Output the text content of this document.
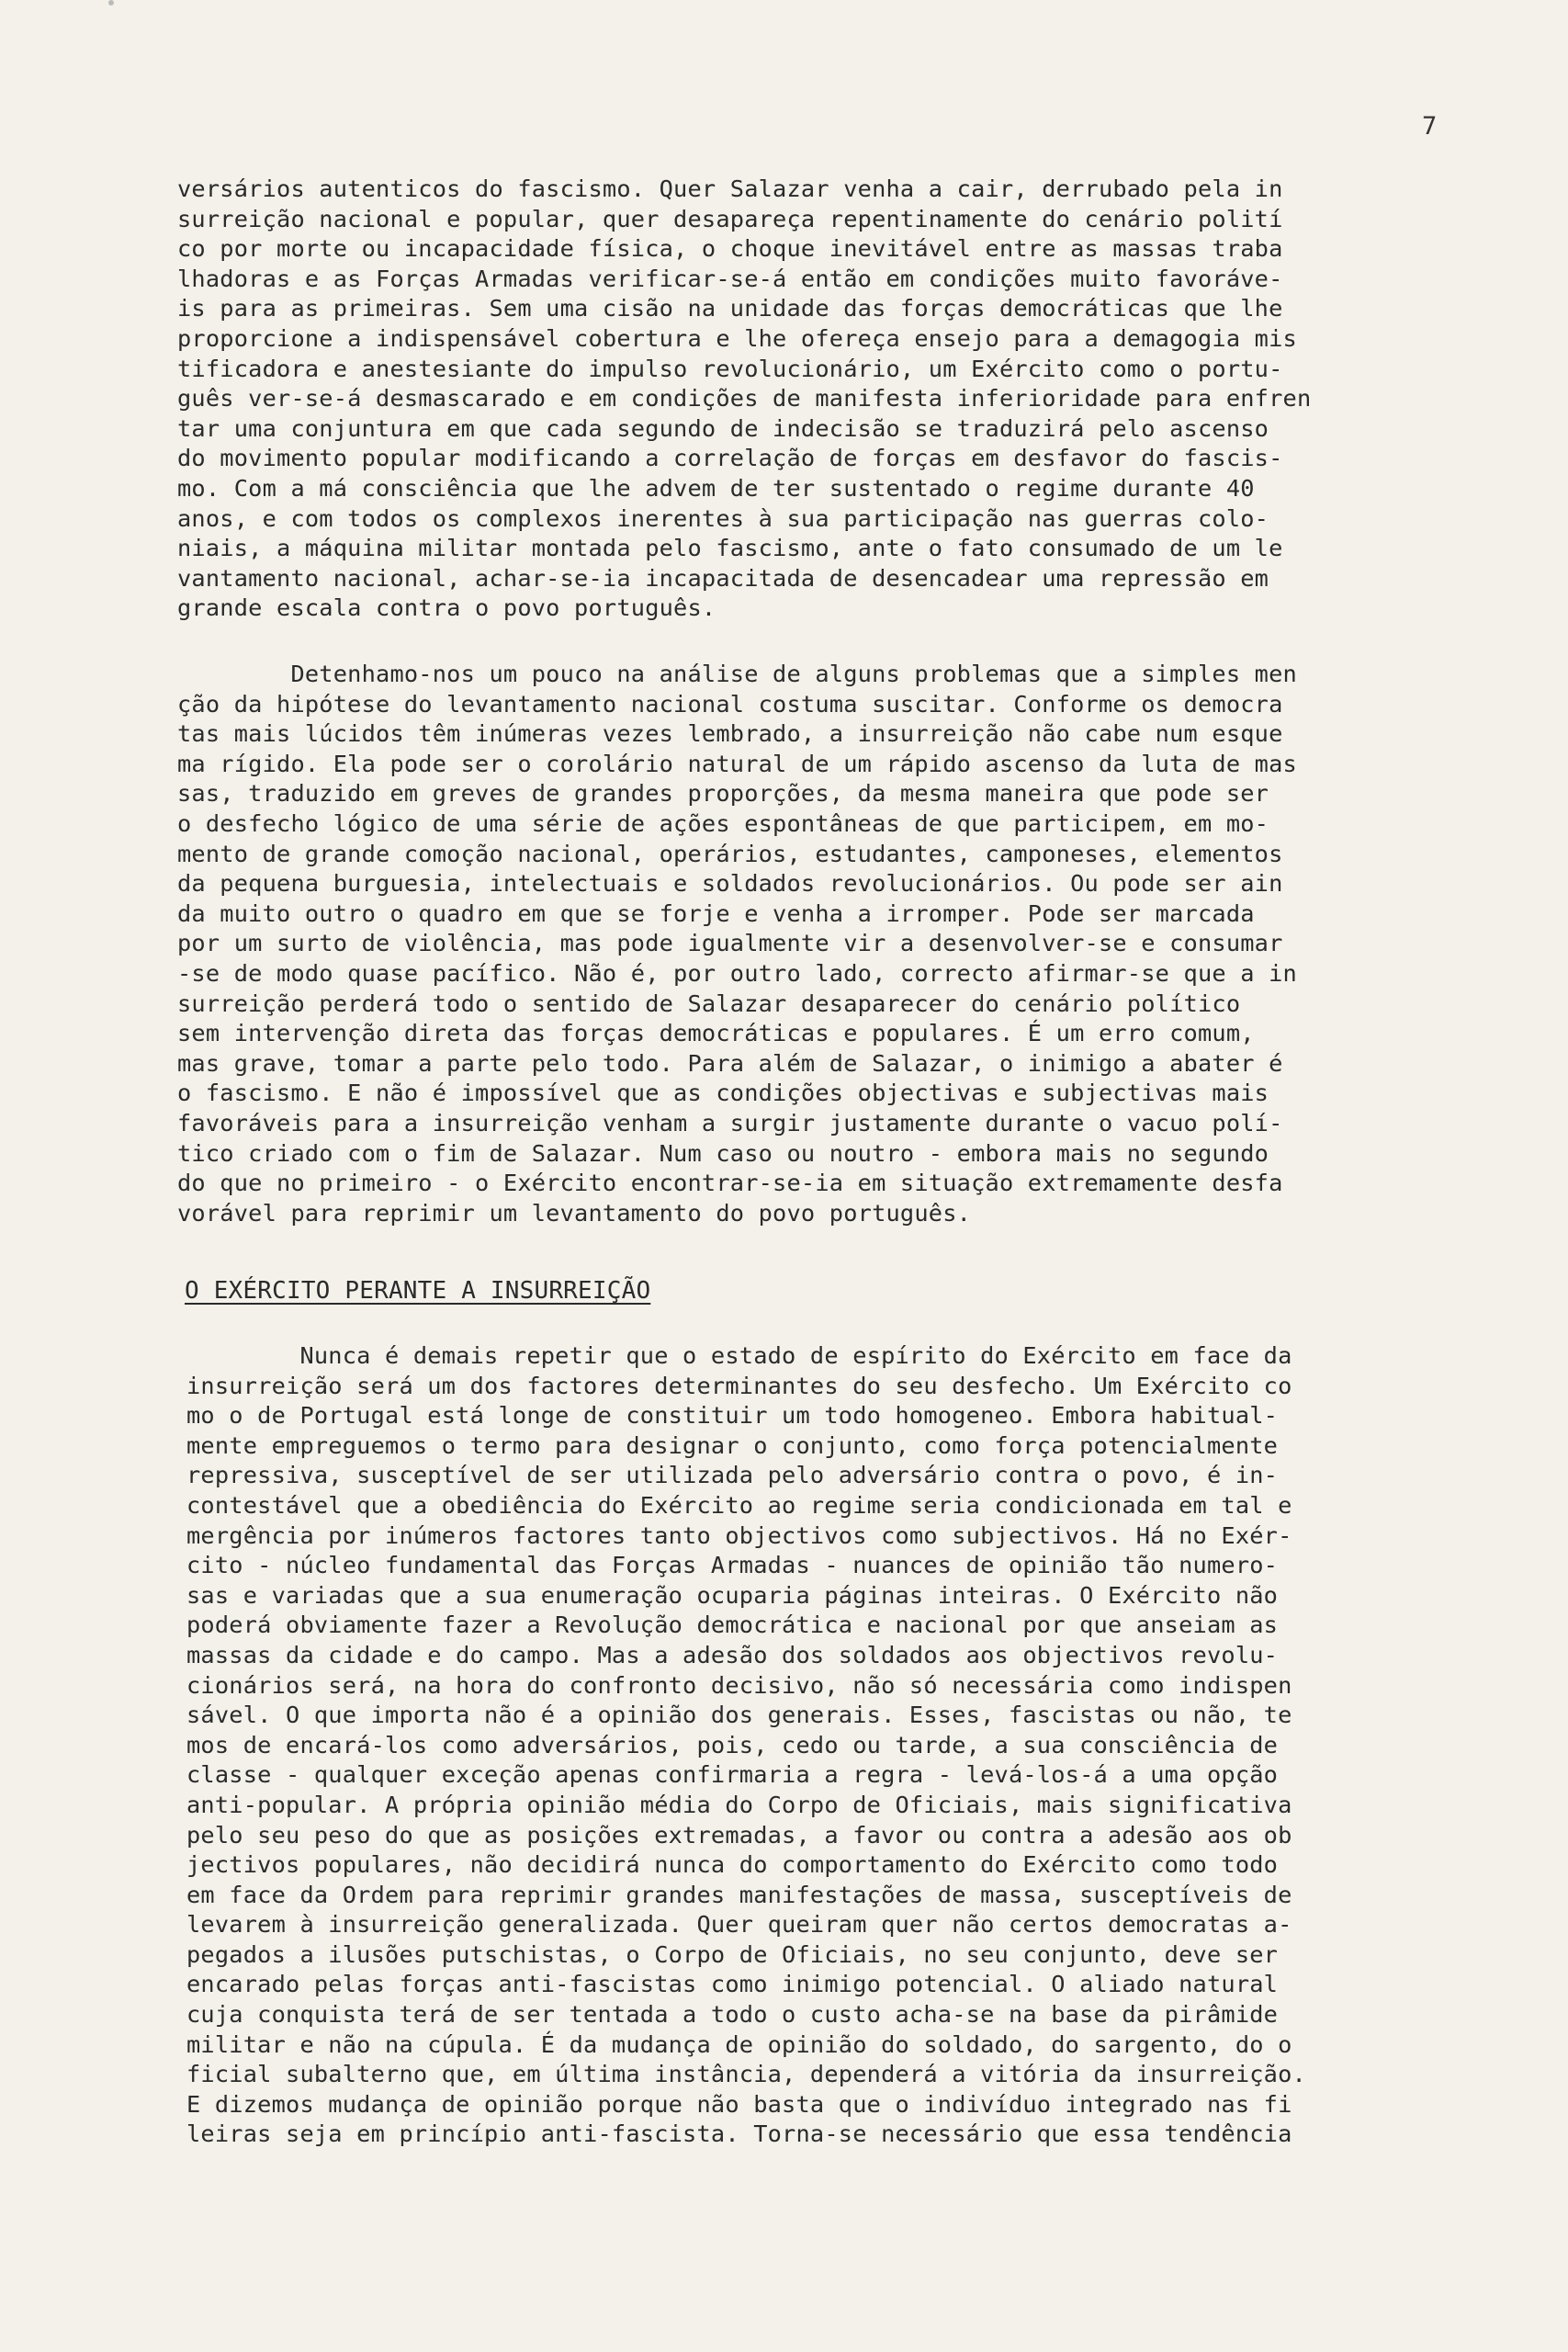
7
versários autenticos do fascismo. Quer Salazar venha a cair, derrubado pela in
surreição nacional e popular, quer desapareça repentinamente do cenário polití
co por morte ou incapacidade física, o choque inevitável entre as massas traba
lhadoras e as Forças Armadas verificar-se-á então em condições muito favoráve-
is para as primeiras. Sem uma cisão na unidade das forças democráticas que lhe
proporcione a indispensável cobertura e lhe ofereça ensejo para a demagogia mis
tificadora e anestesiante do impulso revolucionário, um Exército como o portu-
guês ver-se-á desmascarado e em condições de manifesta inferioridade para enfren
tar uma conjuntura em que cada segundo de indecisão se traduzirá pelo ascenso
do movimento popular modificando a correlação de forças em desfavor do fascis-
mo. Com a má consciência que lhe advem de ter sustentado o regime durante 40
anos, e com todos os complexos inerentes à sua participação nas guerras colo-
niais, a máquina militar montada pelo fascismo, ante o fato consumado de um le
vantamento nacional, achar-se-ia incapacitada de desencadear uma repressão em
grande escala contra o povo português.
Detenhamo-nos um pouco na análise de alguns problemas que a simples men
ção da hipótese do levantamento nacional costuma suscitar. Conforme os democra
tas mais lúcidos têm inúmeras vezes lembrado, a insurreição não cabe num esque
ma rígido. Ela pode ser o corolário natural de um rápido ascenso da luta de mas
sas, traduzido em greves de grandes proporções, da mesma maneira que pode ser
o desfecho lógico de uma série de ações espontâneas de que participem, em mo-
mento de grande comoção nacional, operários, estudantes, camponeses, elementos
da pequena burguesia, intelectuais e soldados revolucionários. Ou pode ser ain
da muito outro o quadro em que se forje e venha a irromper. Pode ser marcada
por um surto de violência, mas pode igualmente vir a desenvolver-se e consumar
-se de modo quase pacífico. Não é, por outro lado, correcto afirmar-se que a in
surreição perderá todo o sentido de Salazar desaparecer do cenário político
sem intervenção direta das forças democráticas e populares. É um erro comum,
mas grave, tomar a parte pelo todo. Para além de Salazar, o inimigo a abater é
o fascismo. E não é impossível que as condições objectivas e subjectivas mais
favoráveis para a insurreição venham a surgir justamente durante o vacuo polí-
tico criado com o fim de Salazar. Num caso ou noutro - embora mais no segundo
do que no primeiro - o Exército encontrar-se-ia em situação extremamente desfa
vorável para reprimir um levantamento do povo português.
O EXÉRCITO PERANTE A INSURREIÇÃO
Nunca é demais repetir que o estado de espírito do Exército em face da
insurreição será um dos factores determinantes do seu desfecho. Um Exército co
mo o de Portugal está longe de constituir um todo homogeneo. Embora habitual-
mente empreguemos o termo para designar o conjunto, como força potencialmente
repressiva, susceptível de ser utilizada pelo adversário contra o povo, é in-
contestável que a obediência do Exército ao regime seria condicionada em tal e
mergência por inúmeros factores tanto objectivos como subjectivos. Há no Exér-
cito - núcleo fundamental das Forças Armadas - nuances de opinião tão numero-
sas e variadas que a sua enumeração ocuparia páginas inteiras. O Exército não
poderá obviamente fazer a Revolução democrática e nacional por que anseiam as
massas da cidade e do campo. Mas a adesão dos soldados aos objectivos revolu-
cionários será, na hora do confronto decisivo, não só necessária como indispen
sável. O que importa não é a opinião dos generais. Esses, fascistas ou não, te
mos de encará-los como adversários, pois, cedo ou tarde, a sua consciência de
classe - qualquer exceção apenas confirmaria a regra - levá-los-á a uma opção
anti-popular. A própria opinião média do Corpo de Oficiais, mais significativa
pelo seu peso do que as posições extremadas, a favor ou contra a adesão aos ob
jectivos populares, não decidirá nunca do comportamento do Exército como todo
em face da Ordem para reprimir grandes manifestações de massa, susceptíveis de
levarem à insurreição generalizada. Quer queiram quer não certos democratas a-
pegados a ilusões putschistas, o Corpo de Oficiais, no seu conjunto, deve ser
encarado pelas forças anti-fascistas como inimigo potencial. O aliado natural
cuja conquista terá de ser tentada a todo o custo acha-se na base da pirâmide
militar e não na cúpula. É da mudança de opinião do soldado, do sargento, do o
ficial subalterno que, em última instância, dependerá a vitória da insurreição.
E dizemos mudança de opinião porque não basta que o indivíduo integrado nas fi
leiras seja em princípio anti-fascista. Torna-se necessário que essa tendência
